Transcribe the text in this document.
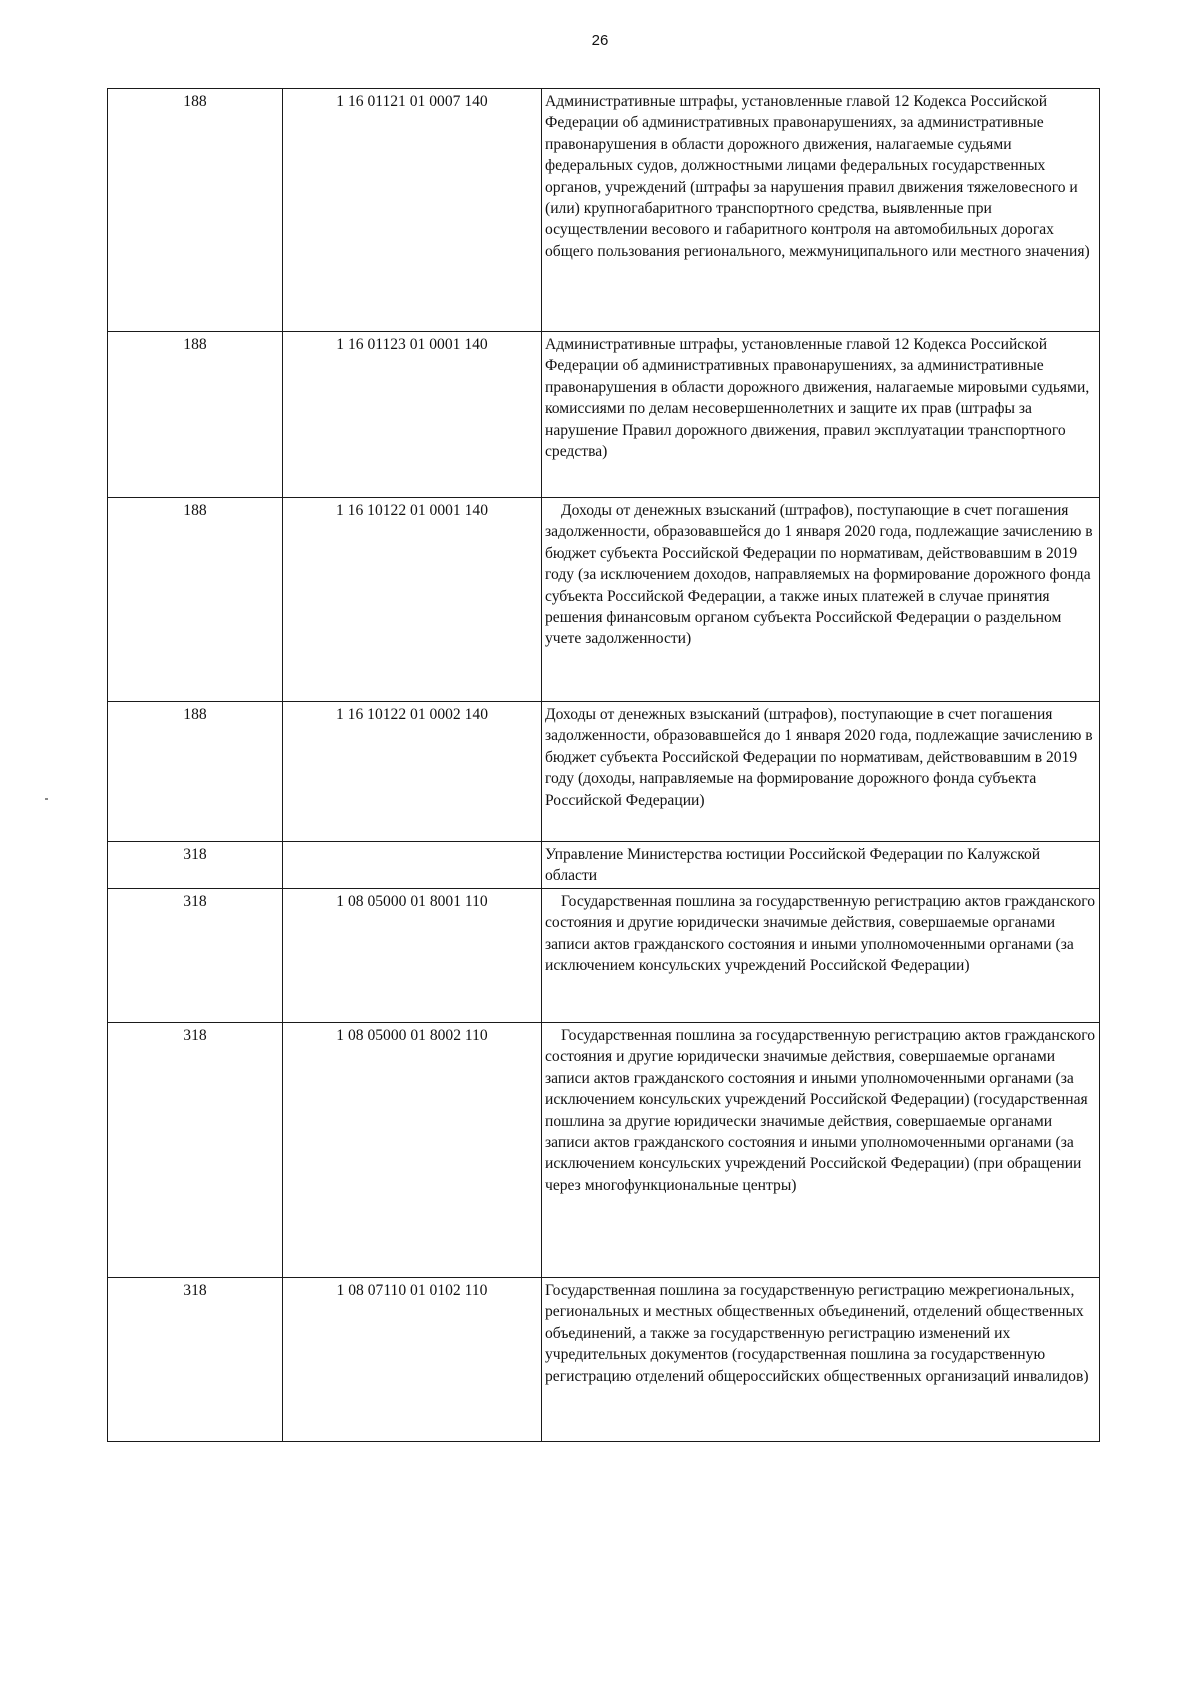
26
188	1 16 01121 01 0007 140	Административные штрафы, установленные главой 12 Кодекса Российской Федерации об административных правонарушениях, за административные правонарушения в области дорожного движения, налагаемые судьями федеральных судов, должностными лицами федеральных государственных органов, учреждений (штрафы за нарушения правил движения тяжеловесного и (или) крупногабаритного транспортного средства, выявленные при осуществлении весового и габаритного контроля на автомобильных дорогах общего пользования регионального, межмуниципального или местного значения)
188	1 16 01123 01 0001 140	Административные штрафы, установленные главой 12 Кодекса Российской Федерации об административных правонарушениях, за административные правонарушения в области дорожного движения, налагаемые мировыми судьями, комиссиями по делам несовершеннолетних и защите их прав (штрафы за нарушение Правил дорожного движения, правил эксплуатации транспортного средства)
188	1 16 10122 01 0001 140	Доходы от денежных взысканий (штрафов), поступающие в счет погашения задолженности, образовавшейся до 1 января 2020 года, подлежащие зачислению в бюджет субъекта Российской Федерации по нормативам, действовавшим в 2019 году (за исключением доходов, направляемых на формирование дорожного фонда субъекта Российской Федерации, а также иных платежей в случае принятия решения финансовым органом субъекта Российской Федерации о раздельном учете задолженности)
188	1 16 10122 01 0002 140	Доходы от денежных взысканий (штрафов), поступающие в счет погашения задолженности, образовавшейся до 1 января 2020 года, подлежащие зачислению в бюджет субъекта Российской Федерации по нормативам, действовавшим в 2019 году (доходы, направляемые на формирование дорожного фонда субъекта Российской Федерации)
318		Управление Министерства юстиции Российской Федерации по Калужской области
318	1 08 05000 01 8001 110	Государственная пошлина за государственную регистрацию актов гражданского состояния и другие юридически значимые действия, совершаемые органами записи актов гражданского состояния и иными уполномоченными органами (за исключением консульских учреждений Российской Федерации)
318	1 08 05000 01 8002 110	Государственная пошлина за государственную регистрацию актов гражданского состояния и другие юридически значимые действия, совершаемые органами записи актов гражданского состояния и иными уполномоченными органами (за исключением консульских учреждений Российской Федерации) (государственная пошлина за другие юридически значимые действия, совершаемые органами записи актов гражданского состояния и иными уполномоченными органами (за исключением консульских учреждений Российской Федерации) (при обращении через многофункциональные центры)
318	1 08 07110 01 0102 110	Государственная пошлина за государственную регистрацию межрегиональных, региональных и местных общественных объединений, отделений общественных объединений, а также за государственную регистрацию изменений их учредительных документов (государственная пошлина за государственную регистрацию отделений общероссийских общественных организаций инвалидов)
